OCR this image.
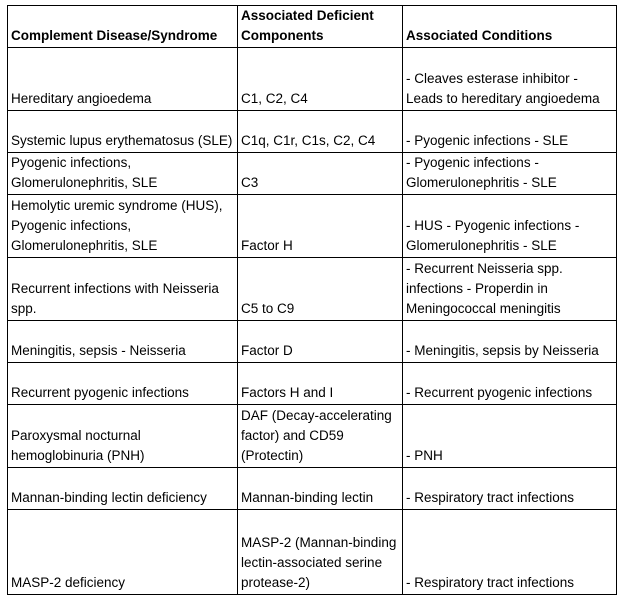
Complement Disease/Syndrome	Associated Deficient Components	Associated Conditions
Hereditary angioedema	C1, C2, C4	- Cleaves esterase inhibitor - Leads to hereditary angioedema
Systemic lupus erythematosus (SLE)	C1q, C1r, C1s, C2, C4	- Pyogenic infections - SLE
Pyogenic infections, Glomerulonephritis, SLE	C3	- Pyogenic infections - Glomerulonephritis - SLE
Hemolytic uremic syndrome (HUS), Pyogenic infections, Glomerulonephritis, SLE	Factor H	- HUS - Pyogenic infections - Glomerulonephritis - SLE
Recurrent infections with Neisseria spp.	C5 to C9	- Recurrent Neisseria spp. infections - Properdin in Meningococcal meningitis
Meningitis, sepsis - Neisseria	Factor D	- Meningitis, sepsis by Neisseria
Recurrent pyogenic infections	Factors H and I	- Recurrent pyogenic infections
Paroxysmal nocturnal hemoglobinuria (PNH)	DAF (Decay-accelerating factor) and CD59 (Protectin)	- PNH
Mannan-binding lectin deficiency	Mannan-binding lectin	- Respiratory tract infections
MASP-2 deficiency	MASP-2 (Mannan-binding lectin-associated serine protease-2)	- Respiratory tract infections
